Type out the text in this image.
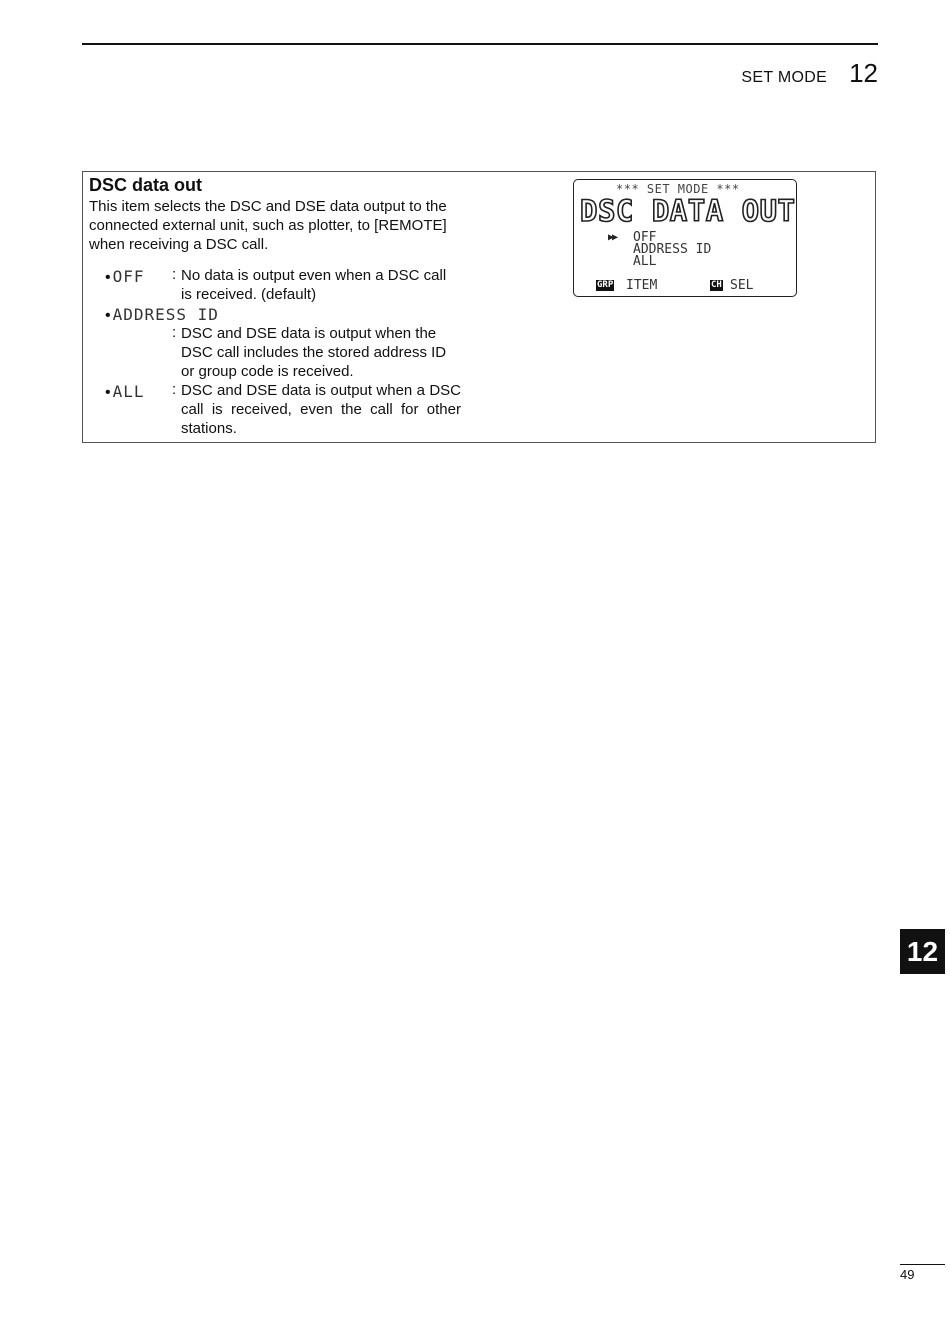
SET MODE 12
DSC data out

This item selects the DSC and DSE data output to the connected external unit, such as plotter, to [REMOTE] when receiving a DSC call.

•OFF : No data is output even when a DSC call is received. (default)

•ADDRESS ID
: DSC and DSE data is output when the DSC call includes the stored address ID or group code is received.

•ALL : DSC and DSE data is output when a DSC call is received, even the call for other stations.

*** SET MODE ***
DSC DATA OUT
▶▶ OFF
ADDRESS ID
ALL
GRP ITEM	CH SEL
12
49
